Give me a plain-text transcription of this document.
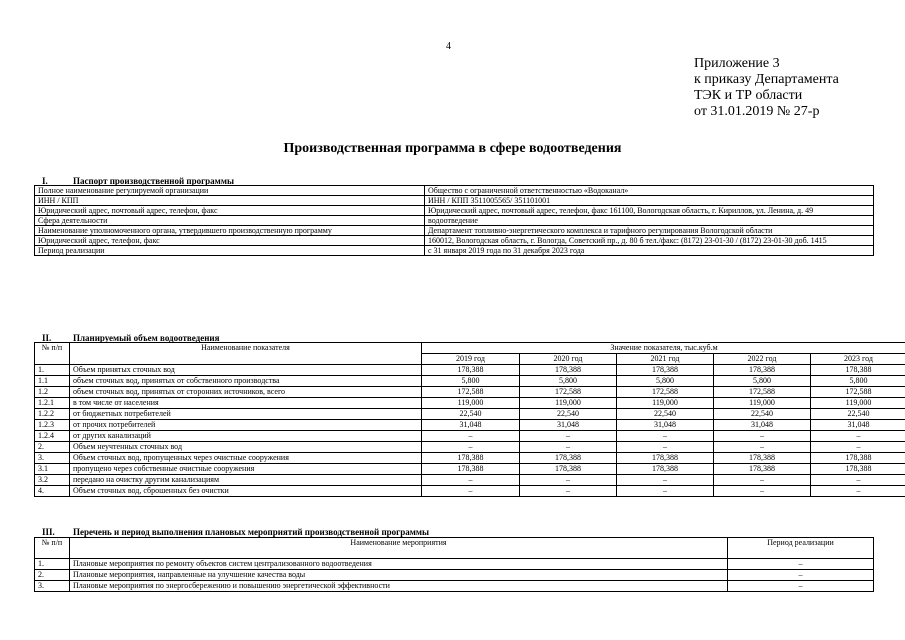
4
Приложение 3
к приказу Департамента
ТЭК и ТР области
от 31.01.2019 № 27-р
Производственная программа в сфере водоотведения
I.	Паспорт производственной программы
Полное наименование регулируемой организации	Общество с ограниченной ответственностью «Водоканал»
ИНН / КПП	ИНН / КПП 3511005565/ 351101001
Юридический адрес, почтовый адрес, телефон, факс	Юридический адрес, почтовый адрес, телефон, факс 161100, Вологодская область, г. Кириллов, ул. Ленина, д. 49
Сфера деятельности	водоотведение
Наименование уполномоченного органа, утвердившего производственную программу	Департамент топливно-энергетического комплекса и тарифного регулирования Вологодской области
Юридический адрес, телефон, факс	160012, Вологодская область, г. Вологда, Советский пр., д. 80 б тел./факс: (8172) 23-01-30 / (8172) 23-01-30 доб. 1415
Период реализации	с 31 января 2019 года по 31 декабря 2023 года
II. Планируемый объем водоотведения
№ п/п	Наименование показателя	Значение показателя, тыс.куб.м				
		2019 год	2020 год	2021 год	2022 год	2023 год
1.	Объем принятых сточных вод	178,388	178,388	178,388	178,388	178,388
1.1	объем сточных вод, принятых от собственного производства	5,800	5,800	5,800	5,800	5,800
1.2	объем сточных вод, принятых от сторонних источников, всего	172,588	172,588	172,588	172,588	172,588
1.2.1	в том числе от населения	119,000	119,000	119,000	119,000	119,000
1.2.2	от бюджетных потребителей	22,540	22,540	22,540	22,540	22,540
1.2.3	от прочих потребителей	31,048	31,048	31,048	31,048	31,048
1.2.4	от других канализаций	–	–	–	–	–
2.	Объем неучтенных сточных вод	–	–	–	–	–
3.	Объем сточных вод, пропущенных через очистные сооружения	178,388	178,388	178,388	178,388	178,388
3.1	пропущено через собственные очистные сооружения	178,388	178,388	178,388	178,388	178,388
3.2	передано на очистку другим канализациям	–	–	–	–	–
4.	Объем сточных вод, сброшенных без очистки	–	–	–	–	–
III. Перечень и период выполнения плановых мероприятий производственной программы
№ п/п	Наименование мероприятия	Период реализации
1.	Плановые мероприятия по ремонту объектов систем централизованного водоотведения	–
2.	Плановые мероприятия, направленные на улучшение качества воды	–
3.	Плановые мероприятия по энергосбережению и повышению энергетической эффективности	–
